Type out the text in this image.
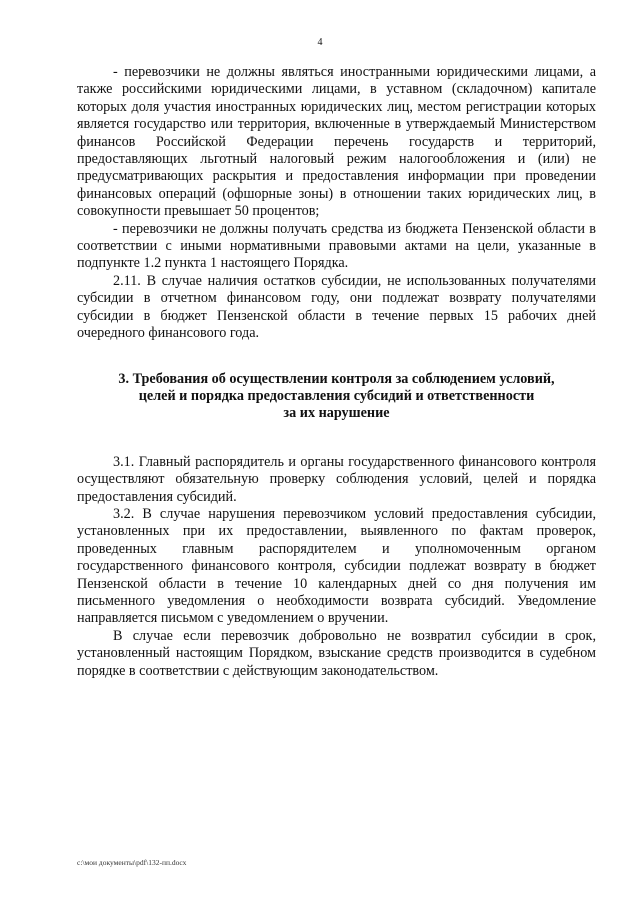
4

- перевозчики не должны являться иностранными юридическими лицами, а также российскими юридическими лицами, в уставном (складочном) капитале которых доля участия иностранных юридических лиц, местом регистрации которых является государство или территория, включенные в утверждаемый Министерством финансов Российской Федерации перечень государств и территорий, предоставляющих льготный налоговый режим налогообложения и (или) не предусматривающих раскрытия и предоставления информации при проведении финансовых операций (офшорные зоны) в отношении таких юридических лиц, в совокупности превышает 50 процентов;

- перевозчики не должны получать средства из бюджета Пензенской области в соответствии с иными нормативными правовыми актами на цели, указанные в подпункте 1.2 пункта 1 настоящего Порядка.

2.11. В случае наличия остатков субсидии, не использованных получателями субсидии в отчетном финансовом году, они подлежат возврату получателями субсидии в бюджет Пензенской области в течение первых 15 рабочих дней очередного финансового года.

3. Требования об осуществлении контроля за соблюдением условий,
целей и порядка предоставления субсидий и ответственности
за их нарушение

3.1. Главный распорядитель и органы государственного финансового контроля осуществляют обязательную проверку соблюдения условий, целей и порядка предоставления субсидий.

3.2. В случае нарушения перевозчиком условий предоставления субсидии, установленных при их предоставлении, выявленного по фактам проверок, проведенных главным распорядителем и уполномоченным органом государственного финансового контроля, субсидии подлежат возврату в бюджет Пензенской области в течение 10 календарных дней со дня получения им письменного уведомления о необходимости возврата субсидий. Уведомление направляется письмом с уведомлением о вручении.

В случае если перевозчик добровольно не возвратил субсидии в срок, установленный настоящим Порядком, взыскание средств производится в судебном порядке в соответствии с действующим законодательством.

c:\мои документы\pdf\132-пп.docx
